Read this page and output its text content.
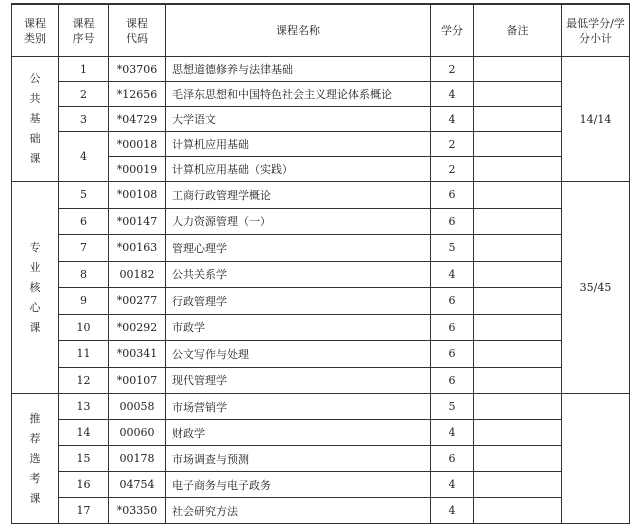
课程类别	课程序号	课程代码	课程名称	学分	备注	最低学分/学分小计

公
共
基
础
课	1	*03706	思想道德修养与法律基础	2		14/14
	2	*12656	毛泽东思想和中国特色社会主义理论体系概论	4		
	3	*04729	大学语文	4		
	4	*00018	计算机应用基础	2		
		*00019	计算机应用基础（实践）	2		

专
业
核
心
课	5	*00108	工商行政管理学概论	6		35/45
	6	*00147	人力资源管理（一）	6		
	7	*00163	管理心理学	5		
	8	00182	公共关系学	4		
	9	*00277	行政管理学	6		
	10	*00292	市政学	6		
	11	*00341	公文写作与处理	6		
	12	*00107	现代管理学	6		

推
荐
选
考
课	13	00058	市场营销学	5		
	14	00060	财政学	4		
	15	00178	市场调查与预测	6		
	16	04754	电子商务与电子政务	4		
	17	*03350	社会研究方法	4		
